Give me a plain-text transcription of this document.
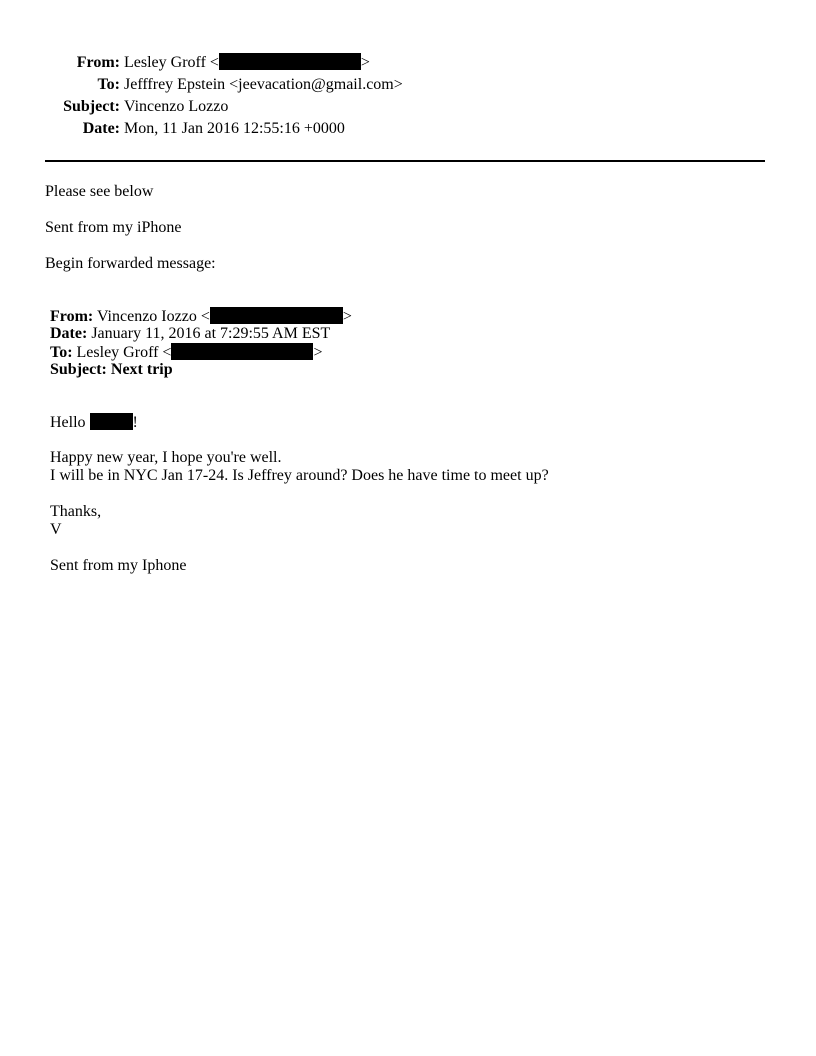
From: Lesley Groff <	>
To: Jefffrey Epstein <jeevacation@gmail.com>
Subject: Vincenzo Lozzo
Date: Mon, 11 Jan 2016 12:55:16 +0000
Please see below
Sent from my iPhone
Begin forwarded message:
From: Vincenzo Iozzo <	>
Date: January 11, 2016 at 7:29:55 AM EST
To: Lesley Groff <	>
Subject: Next trip
Hello	!
Happy new year, I hope you're well.
I will be in NYC Jan 17-24. Is Jeffrey around? Does he have time to meet up?
Thanks,
V
Sent from my Iphone
